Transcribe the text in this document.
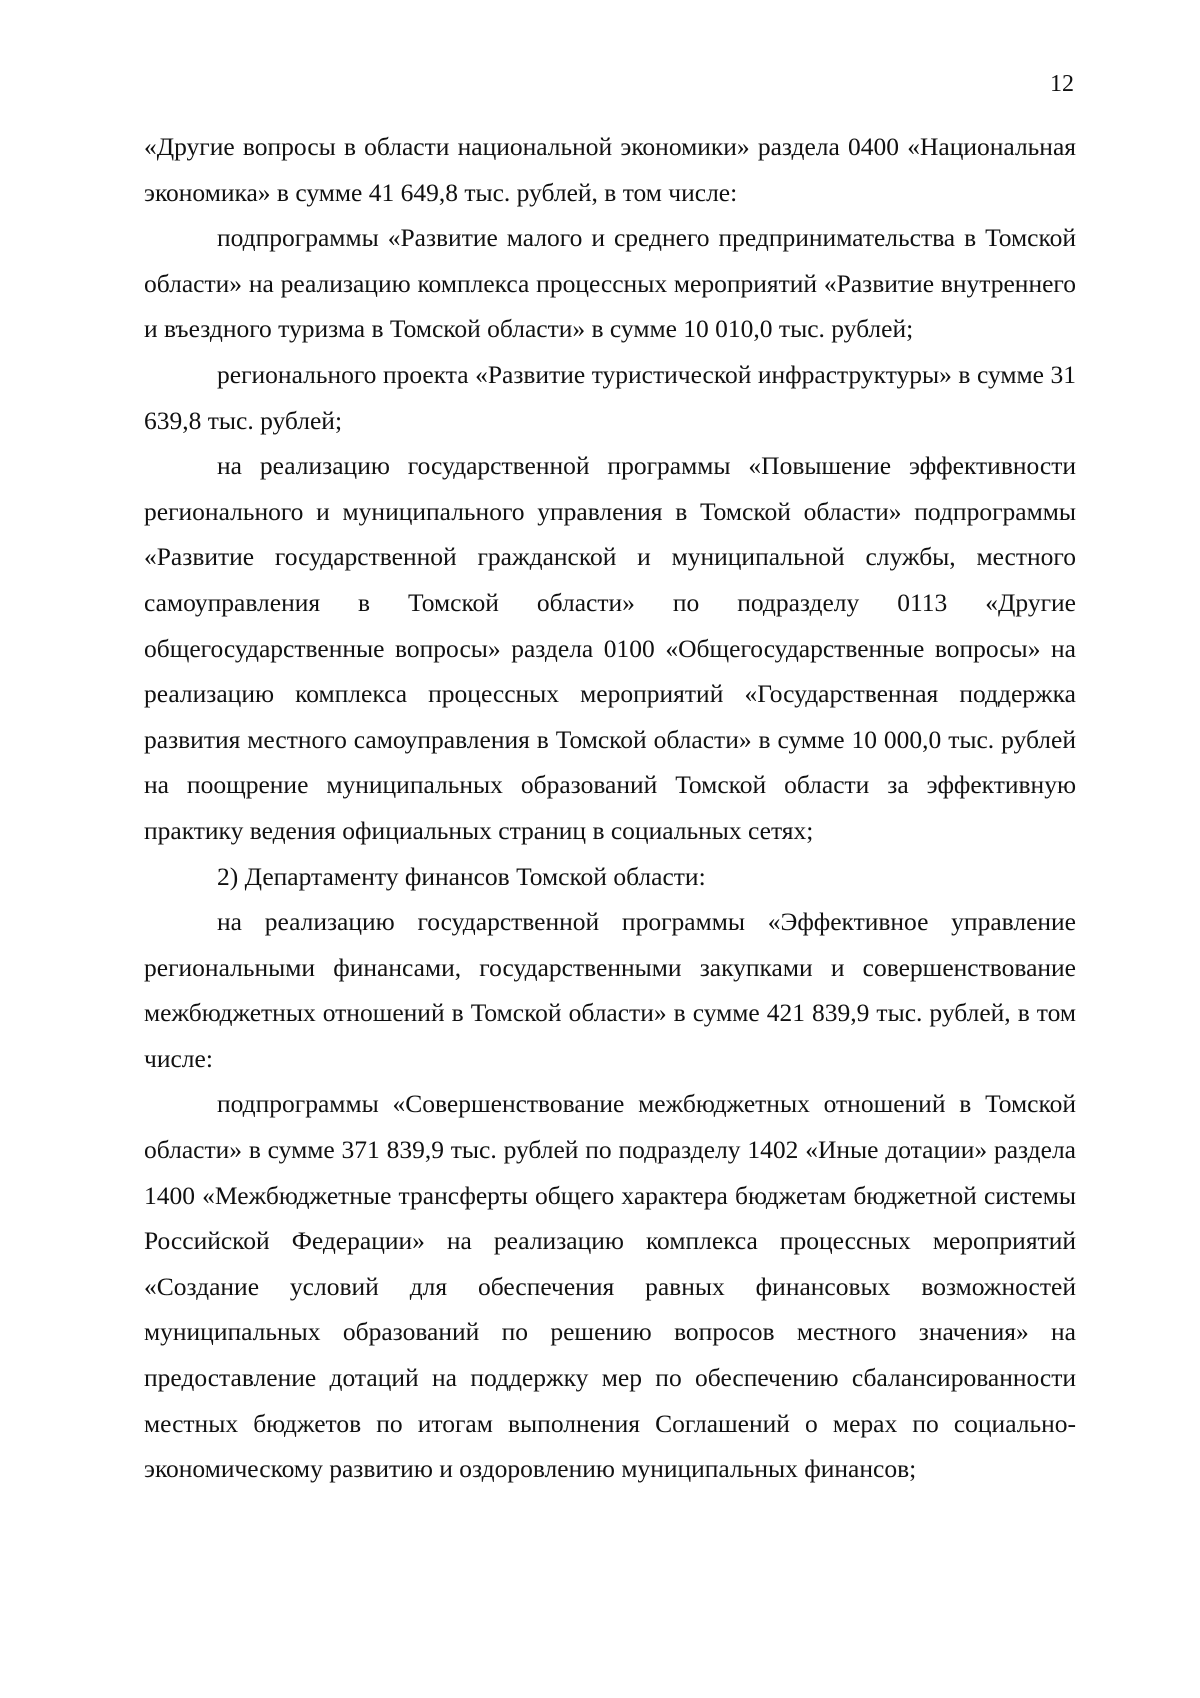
12

«Другие вопросы в области национальной экономики» раздела 0400 «Национальная экономика» в сумме 41 649,8 тыс. рублей, в том числе:

подпрограммы «Развитие малого и среднего предпринимательства в Томской области» на реализацию комплекса процессных мероприятий «Развитие внутреннего и въездного туризма в Томской области» в сумме 10 010,0 тыс. рублей;

регионального проекта «Развитие туристической инфраструктуры» в сумме 31 639,8 тыс. рублей;

на реализацию государственной программы «Повышение эффективности регионального и муниципального управления в Томской области» подпрограммы «Развитие государственной гражданской и муниципальной службы, местного самоуправления в Томской области» по подразделу 0113 «Другие общегосударственные вопросы» раздела 0100 «Общегосударственные вопросы» на реализацию комплекса процессных мероприятий «Государственная поддержка развития местного самоуправления в Томской области» в сумме 10 000,0 тыс. рублей на поощрение муниципальных образований Томской области за эффективную практику ведения официальных страниц в социальных сетях;

2) Департаменту финансов Томской области:

на реализацию государственной программы «Эффективное управление региональными финансами, государственными закупками и совершенствование межбюджетных отношений в Томской области» в сумме 421 839,9 тыс. рублей, в том числе:

подпрограммы «Совершенствование межбюджетных отношений в Томской области» в сумме 371 839,9 тыс. рублей по подразделу 1402 «Иные дотации» раздела 1400 «Межбюджетные трансферты общего характера бюджетам бюджетной системы Российской Федерации» на реализацию комплекса процессных мероприятий «Создание условий для обеспечения равных финансовых возможностей муниципальных образований по решению вопросов местного значения» на предоставление дотаций на поддержку мер по обеспечению сбалансированности местных бюджетов по итогам выполнения Соглашений о мерах по социально-экономическому развитию и оздоровлению муниципальных финансов;
